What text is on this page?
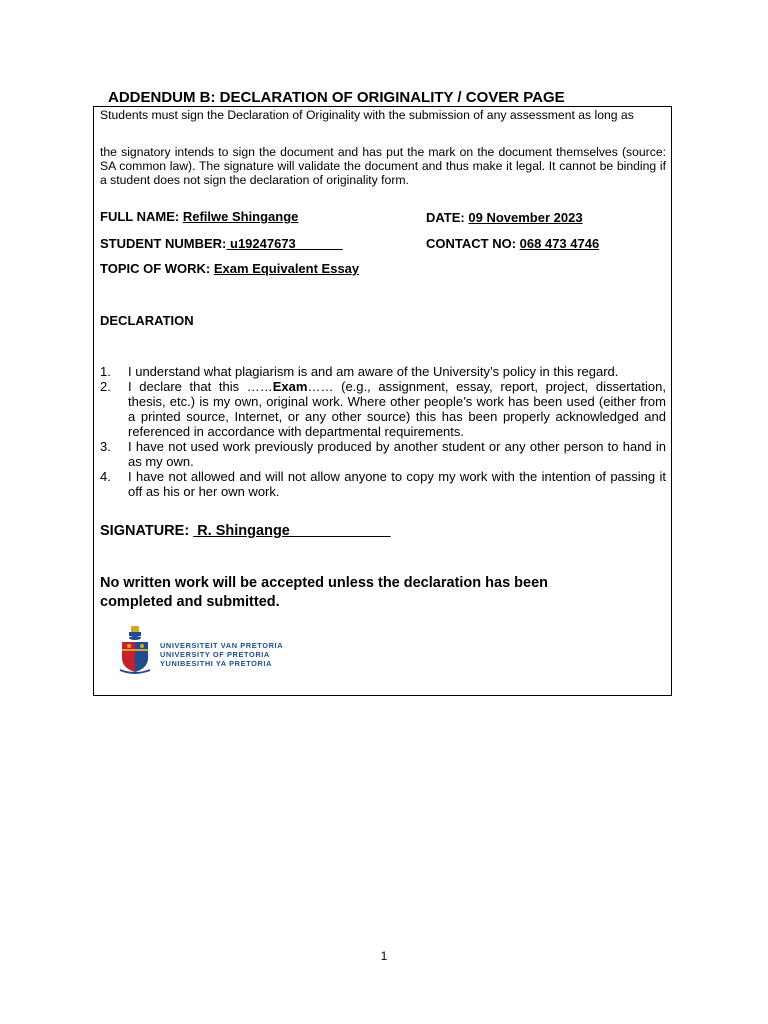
ADDENDUM B: DECLARATION OF ORIGINALITY / COVER PAGE
Students must sign the Declaration of Originality with the submission of any assessment as long as
the signatory intends to sign the document and has put the mark on the document themselves (source: SA common law). The signature will validate the document and thus make it legal. It cannot be binding if a student does not sign the declaration of originality form.
FULL NAME: Refilwe Shingange	DATE: 09 November 2023
STUDENT NUMBER: u19247673	CONTACT NO: 068 473 4746
TOPIC OF WORK: Exam Equivalent Essay
DECLARATION
1. I understand what plagiarism is and am aware of the University’s policy in this regard.
2. I declare that this ……Exam…… (e.g., assignment, essay, report, project, dissertation, thesis, etc.) is my own, original work. Where other people’s work has been used (either from a printed source, Internet, or any other source) this has been properly acknowledged and referenced in accordance with departmental requirements.
3. I have not used work previously produced by another student or any other person to hand in as my own.
4. I have not allowed and will not allow anyone to copy my work with the intention of passing it off as his or her own work.
SIGNATURE:  R. Shingange
No written work will be accepted unless the declaration has been completed and submitted.
UNIVERSITEIT VAN PRETORIA
UNIVERSITY OF PRETORIA
YUNIBESITHI YA PRETORIA
1
